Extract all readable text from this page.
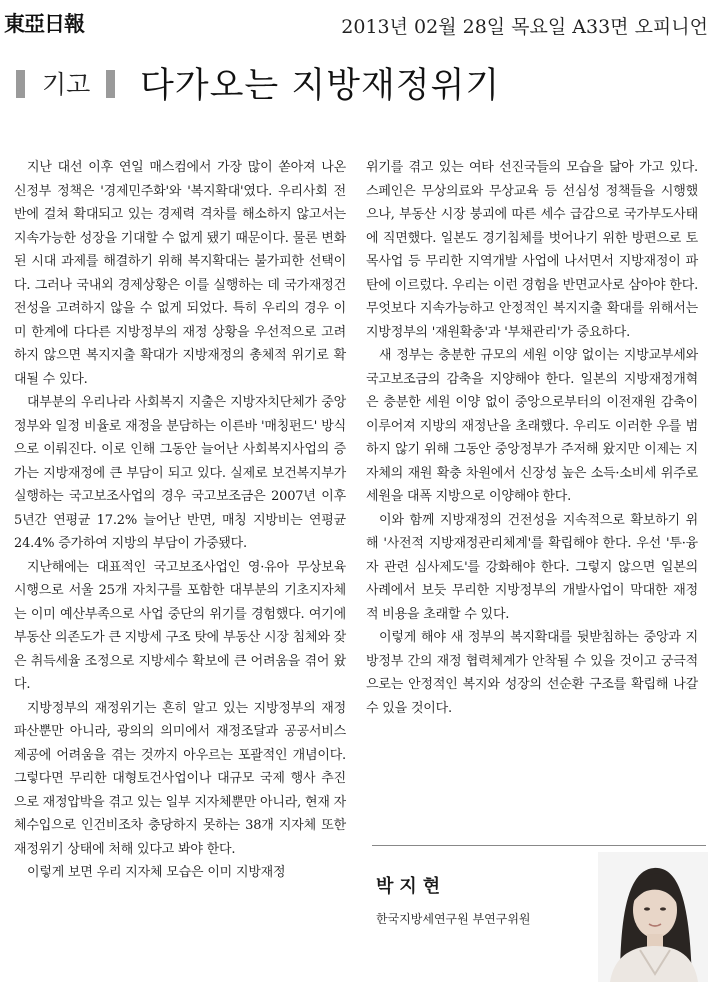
東亞日報	2013년 02월 28일 목요일 A33면 오피니언
기고 다가오는 지방재정위기

지난 대선 이후 연일 매스컴에서 가장 많이 쏟아져 나온 신정부 정책은 '경제민주화'와 '복지확대'였다. 우리사회 전반에 걸쳐 확대되고 있는 경제력 격차를 해소하지 않고서는 지속가능한 성장을 기대할 수 없게 됐기 때문이다. 물론 변화된 시대 과제를 해결하기 위해 복지확대는 불가피한 선택이다. 그러나 국내외 경제상황은 이를 실행하는 데 국가재정건전성을 고려하지 않을 수 없게 되었다. 특히 우리의 경우 이미 한계에 다다른 지방정부의 재정 상황을 우선적으로 고려하지 않으면 복지지출 확대가 지방재정의 총체적 위기로 확대될 수 있다.

대부분의 우리나라 사회복지 지출은 지방자치단체가 중앙정부와 일정 비율로 재정을 분담하는 이른바 '매칭펀드' 방식으로 이뤄진다. 이로 인해 그동안 늘어난 사회복지사업의 증가는 지방재정에 큰 부담이 되고 있다. 실제로 보건복지부가 실행하는 국고보조사업의 경우 국고보조금은 2007년 이후 5년간 연평균 17.2% 늘어난 반면, 매칭 지방비는 연평균 24.4% 증가하여 지방의 부담이 가중됐다.

지난해에는 대표적인 국고보조사업인 영·유아 무상보육 시행으로 서울 25개 자치구를 포함한 대부분의 기초지자체는 이미 예산부족으로 사업 중단의 위기를 경험했다. 여기에 부동산 의존도가 큰 지방세 구조 탓에 부동산 시장 침체와 잦은 취득세율 조정으로 지방세수 확보에 큰 어려움을 겪어 왔다.

지방정부의 재정위기는 흔히 알고 있는 지방정부의 재정파산뿐만 아니라, 광의의 의미에서 재정조달과 공공서비스 제공에 어려움을 겪는 것까지 아우르는 포괄적인 개념이다. 그렇다면 무리한 대형토건사업이나 대규모 국제 행사 추진으로 재정압박을 겪고 있는 일부 지자체뿐만 아니라, 현재 자체수입으로 인건비조차 충당하지 못하는 38개 지자체 또한 재정위기 상태에 처해 있다고 봐야 한다.

이렇게 보면 우리 지자체 모습은 이미 지방재정

위기를 겪고 있는 여타 선진국들의 모습을 닮아 가고 있다. 스페인은 무상의료와 무상교육 등 선심성 정책들을 시행했으나, 부동산 시장 붕괴에 따른 세수 급감으로 국가부도사태에 직면했다. 일본도 경기침체를 벗어나기 위한 방편으로 토목사업 등 무리한 지역개발 사업에 나서면서 지방재정이 파탄에 이르렀다. 우리는 이런 경험을 반면교사로 삼아야 한다. 무엇보다 지속가능하고 안정적인 복지지출 확대를 위해서는 지방정부의 '재원확충'과 '부채관리'가 중요하다.

새 정부는 충분한 규모의 세원 이양 없이는 지방교부세와 국고보조금의 감축을 지양해야 한다. 일본의 지방재정개혁은 충분한 세원 이양 없이 중앙으로부터의 이전재원 감축이 이루어져 지방의 재정난을 초래했다. 우리도 이러한 우를 범하지 않기 위해 그동안 중앙정부가 주저해 왔지만 이제는 지자체의 재원 확충 차원에서 신장성 높은 소득·소비세 위주로 세원을 대폭 지방으로 이양해야 한다.

이와 함께 지방재정의 건전성을 지속적으로 확보하기 위해 '사전적 지방재정관리체계'를 확립해야 한다. 우선 '투·융자 관련 심사제도'를 강화해야 한다. 그렇지 않으면 일본의 사례에서 보듯 무리한 지방정부의 개발사업이 막대한 재정적 비용을 초래할 수 있다.

이렇게 해야 새 정부의 복지확대를 뒷받침하는 중앙과 지방정부 간의 재정 협력체계가 안착될 수 있을 것이고 궁극적으로는 안정적인 복지와 성장의 선순환 구조를 확립해 나갈 수 있을 것이다.

박지현
한국지방세연구원 부연구위원
